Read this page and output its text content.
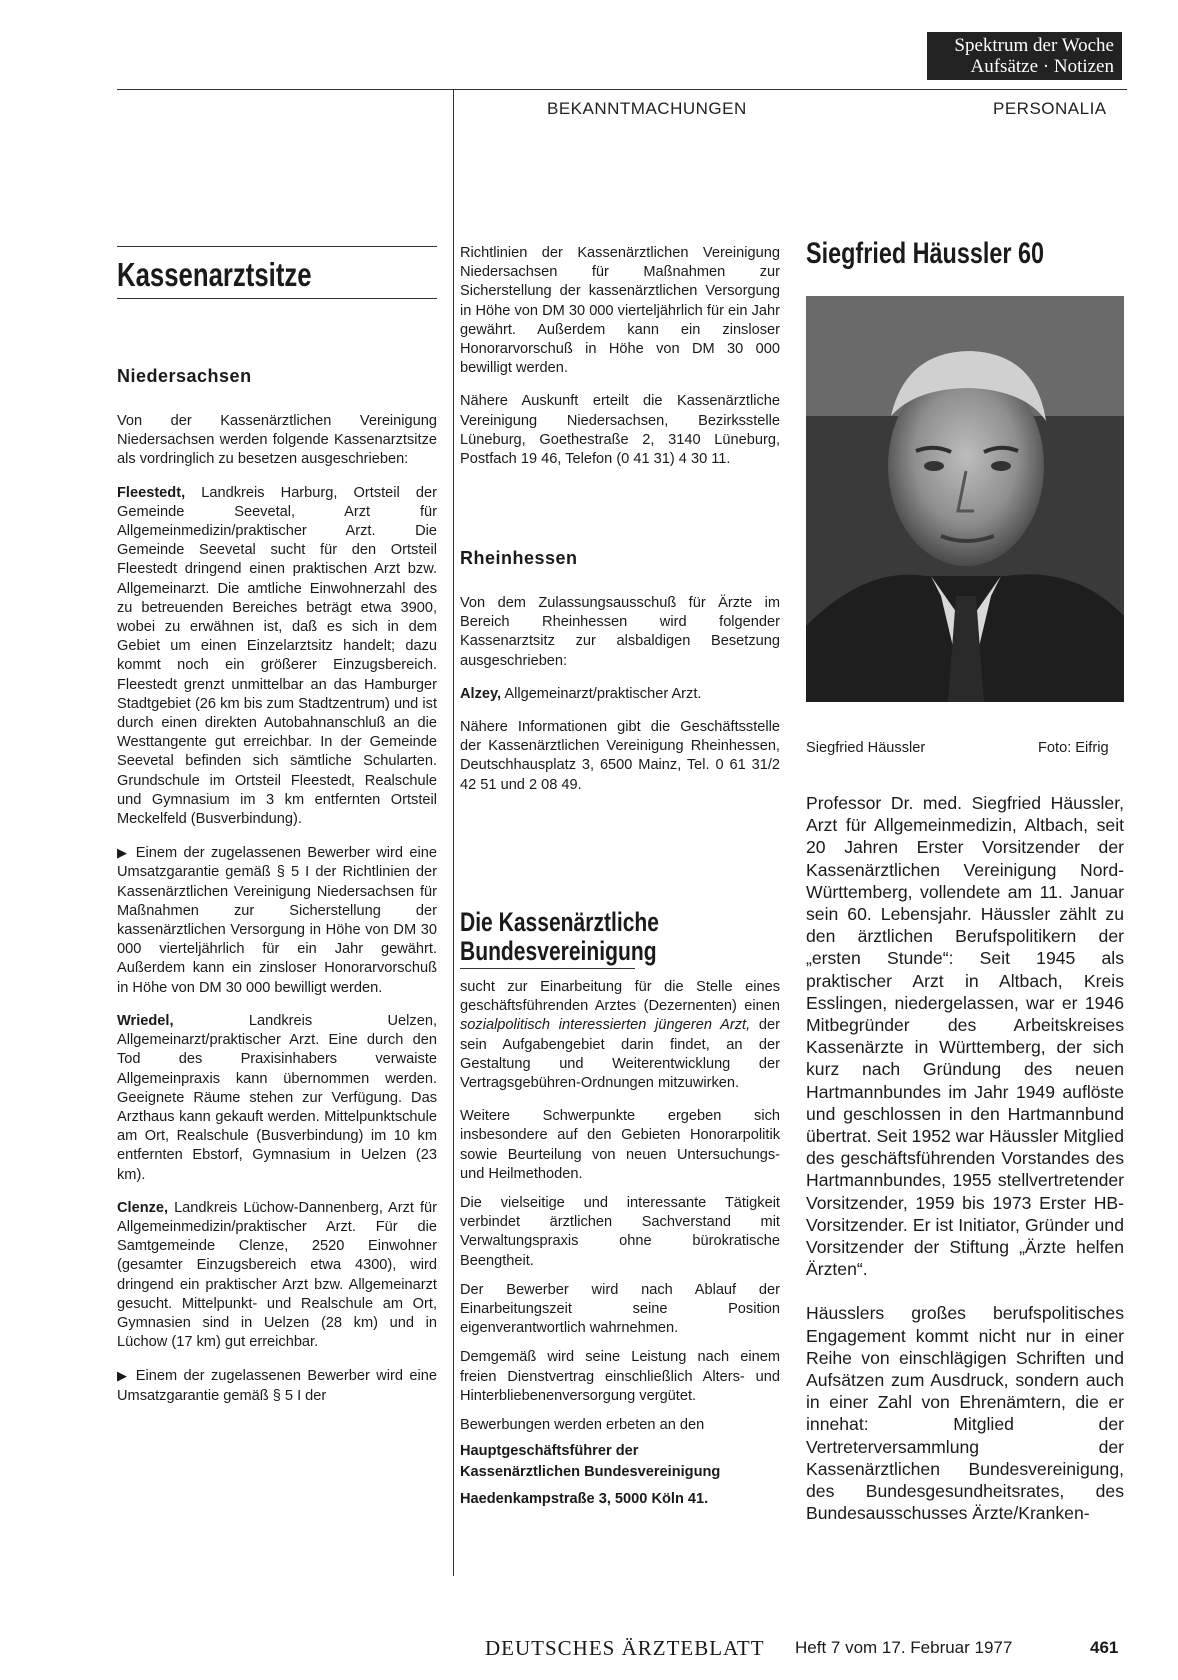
Spektrum der Woche
Aufsätze · Notizen
BEKANNTMACHUNGEN	PERSONALIA
Kassenarztsitze
Niedersachsen

Von der Kassenärztlichen Vereinigung Niedersachsen werden folgende Kassenarztsitze als vordringlich zu besetzen ausgeschrieben:

Fleestedt, Landkreis Harburg, Ortsteil der Gemeinde Seevetal, Arzt für Allgemeinmedizin/praktischer Arzt. Die Gemeinde Seevetal sucht für den Ortsteil Fleestedt dringend einen praktischen Arzt bzw. Allgemeinarzt. Die amtliche Einwohnerzahl des zu betreuenden Bereiches beträgt etwa 3900, wobei zu erwähnen ist, daß es sich in dem Gebiet um einen Einzelarztsitz handelt; dazu kommt noch ein größerer Einzugsbereich. Fleestedt grenzt unmittelbar an das Hamburger Stadtgebiet (26 km bis zum Stadtzentrum) und ist durch einen direkten Autobahnanschluß an die Westtangente gut erreichbar. In der Gemeinde Seevetal befinden sich sämtliche Schularten. Grundschule im Ortsteil Fleestedt, Realschule und Gymnasium im 3 km entfernten Ortsteil Meckelfeld (Busverbindung).

▶ Einem der zugelassenen Bewerber wird eine Umsatzgarantie gemäß § 5 I der Richtlinien der Kassenärztlichen Vereinigung Niedersachsen für Maßnahmen zur Sicherstellung der kassenärztlichen Versorgung in Höhe von DM 30 000 vierteljährlich für ein Jahr gewährt. Außerdem kann ein zinsloser Honorarvorschuß in Höhe von DM 30 000 bewilligt werden.

Wriedel, Landkreis Uelzen, Allgemeinarzt/praktischer Arzt. Eine durch den Tod des Praxisinhabers verwaiste Allgemeinpraxis kann übernommen werden. Geeignete Räume stehen zur Verfügung. Das Arzthaus kann gekauft werden. Mittelpunktschule am Ort, Realschule (Busverbindung) im 10 km entfernten Ebstorf, Gymnasium in Uelzen (23 km).

Clenze, Landkreis Lüchow-Dannenberg, Arzt für Allgemeinmedizin/praktischer Arzt. Für die Samtgemeinde Clenze, 2520 Einwohner (gesamter Einzugsbereich etwa 4300), wird dringend ein praktischer Arzt bzw. Allgemeinarzt gesucht. Mittelpunkt- und Realschule am Ort, Gymnasien sind in Uelzen (28 km) und in Lüchow (17 km) gut erreichbar.

▶ Einem der zugelassenen Bewerber wird eine Umsatzgarantie gemäß § 5 I der

Richtlinien der Kassenärztlichen Vereinigung Niedersachsen für Maßnahmen zur Sicherstellung der kassenärztlichen Versorgung in Höhe von DM 30 000 vierteljährlich für ein Jahr gewährt. Außerdem kann ein zinsloser Honorarvorschuß in Höhe von DM 30 000 bewilligt werden.

Nähere Auskunft erteilt die Kassenärztliche Vereinigung Niedersachsen, Bezirksstelle Lüneburg, Goethestraße 2, 3140 Lüneburg, Postfach 19 46, Telefon (0 41 31) 4 30 11.

Rheinhessen

Von dem Zulassungsausschuß für Ärzte im Bereich Rheinhessen wird folgender Kassenarztsitz zur alsbaldigen Besetzung ausgeschrieben:

Alzey, Allgemeinarzt/praktischer Arzt.

Nähere Informationen gibt die Geschäftsstelle der Kassenärztlichen Vereinigung Rheinhessen, Deutschhausplatz 3, 6500 Mainz, Tel. 0 61 31/2 42 51 und 2 08 49.

Die Kassenärztliche
Bundesvereinigung

sucht zur Einarbeitung für die Stelle eines geschäftsführenden Arztes (Dezernenten) einen sozialpolitisch interessierten jüngeren Arzt, der sein Aufgabengebiet darin findet, an der Gestaltung und Weiterentwicklung der Vertragsgebühren-Ordnungen mitzuwirken.

Weitere Schwerpunkte ergeben sich insbesondere auf den Gebieten Honorarpolitik sowie Beurteilung von neuen Untersuchungs- und Heilmethoden.

Die vielseitige und interessante Tätigkeit verbindet ärztlichen Sachverstand mit Verwaltungspraxis ohne bürokratische Beengtheit.

Der Bewerber wird nach Ablauf der Einarbeitungszeit seine Position eigenverantwortlich wahrnehmen.

Demgemäß wird seine Leistung nach einem freien Dienstvertrag einschließlich Alters- und Hinterbliebenenversorgung vergütet.

Bewerbungen werden erbeten an den

Hauptgeschäftsführer der
Kassenärztlichen Bundesvereinigung
Haedenkampstraße 3, 5000 Köln 41.
Siegfried Häussler 60
Siegfried Häussler	Foto: Eifrig

Professor Dr. med. Siegfried Häussler, Arzt für Allgemeinmedizin, Altbach, seit 20 Jahren Erster Vorsitzender der Kassenärztlichen Vereinigung Nord-Württemberg, vollendete am 11. Januar sein 60. Lebensjahr. Häussler zählt zu den ärztlichen Berufspolitikern der „ersten Stunde“: Seit 1945 als praktischer Arzt in Altbach, Kreis Esslingen, niedergelassen, war er 1946 Mitbegründer des Arbeitskreises Kassenärzte in Württemberg, der sich kurz nach Gründung des neuen Hartmannbundes im Jahr 1949 auflöste und geschlossen in den Hartmannbund übertrat. Seit 1952 war Häussler Mitglied des geschäftsführenden Vorstandes des Hartmannbundes, 1955 stellvertretender Vorsitzender, 1959 bis 1973 Erster HB-Vorsitzender. Er ist Initiator, Gründer und Vorsitzender der Stiftung „Ärzte helfen Ärzten“.

Häusslers großes berufspolitisches Engagement kommt nicht nur in einer Reihe von einschlägigen Schriften und Aufsätzen zum Ausdruck, sondern auch in einer Zahl von Ehrenämtern, die er innehat: Mitglied der Vertreterversammlung der Kassenärztlichen Bundesvereinigung, des Bundesgesundheitsrates, des Bundesausschusses Ärzte/Kranken-

DEUTSCHES ÄRZTEBLATT Heft 7 vom 17. Februar 1977	461
